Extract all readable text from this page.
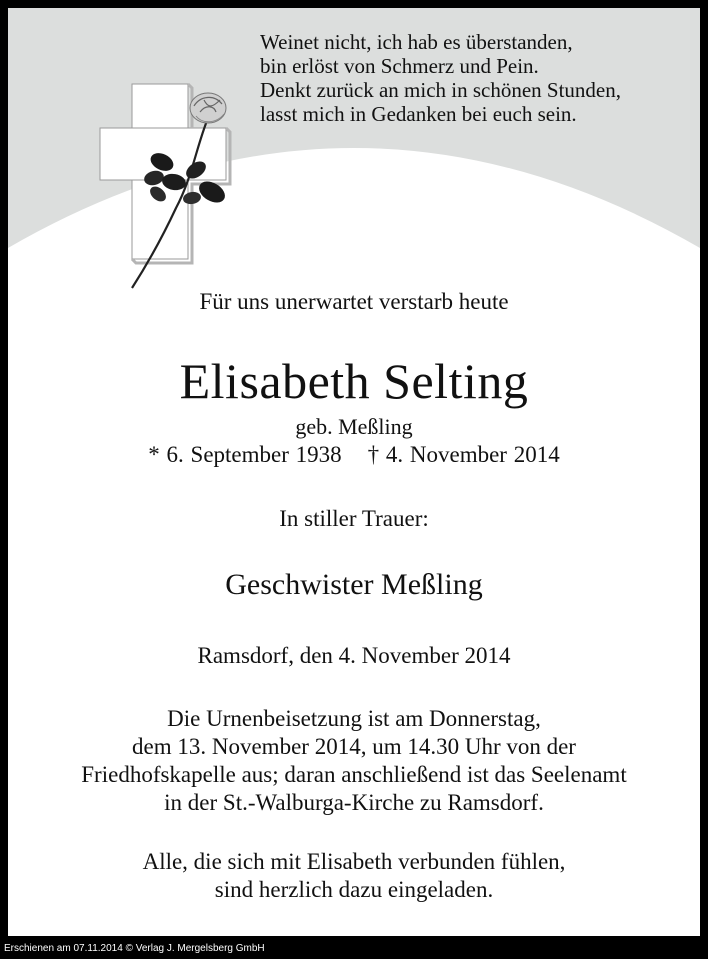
Weinet nicht, ich hab es überstanden,
bin erlöst von Schmerz und Pein.
Denkt zurück an mich in schönen Stunden,
lasst mich in Gedanken bei euch sein.
Für uns unerwartet verstarb heute
Elisabeth Selting
geb. Meßling
* 6. September 1938 † 4. November 2014
In stiller Trauer:
Geschwister Meßling
Ramsdorf, den 4. November 2014
Die Urnenbeisetzung ist am Donnerstag,
dem 13. November 2014, um 14.30 Uhr von der
Friedhofskapelle aus; daran anschließend ist das Seelenamt
in der St.-Walburga-Kirche zu Ramsdorf.
Alle, die sich mit Elisabeth verbunden fühlen,
sind herzlich dazu eingeladen.
Erschienen am 07.11.2014 © Verlag J. Mergelsberg GmbH
